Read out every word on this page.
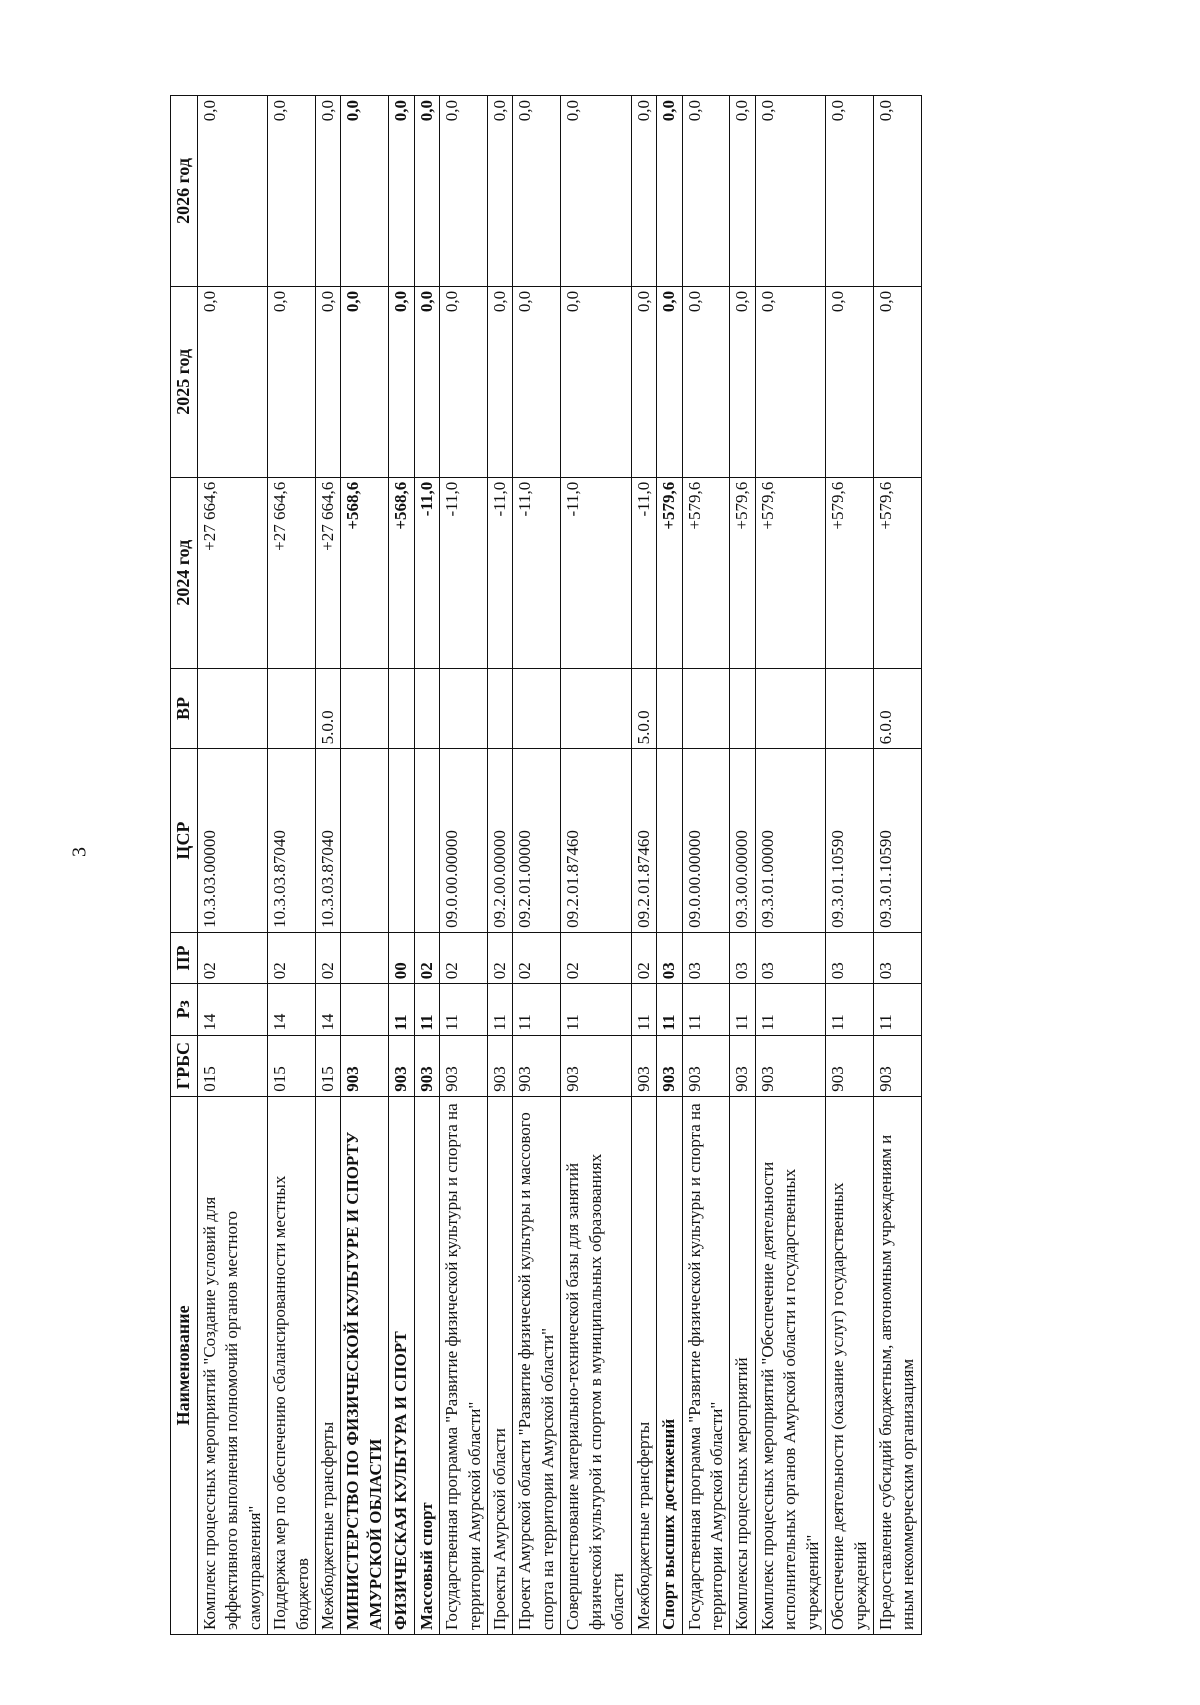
3
Наименование	ГРБС	Рз	ПР	ЦСР	ВР	2024 год	2025 год	2026 год
Комплекс процессных мероприятий "Создание условий для эффективного выполнения полномочий органов местного самоуправления"	015	14	02	10.3.03.00000		+27 664,6	0,0	0,0
Поддержка мер по обеспечению сбалансированности местных бюджетов	015	14	02	10.3.03.87040		+27 664,6	0,0	0,0
Межбюджетные трансферты	015	14	02	10.3.03.87040	5.0.0	+27 664,6	0,0	0,0
МИНИСТЕРСТВО ПО ФИЗИЧЕСКОЙ КУЛЬТУРЕ И СПОРТУ АМУРСКОЙ ОБЛАСТИ	903					+568,6	0,0	0,0
ФИЗИЧЕСКАЯ КУЛЬТУРА И СПОРТ	903	11	00			+568,6	0,0	0,0
Массовый спорт	903	11	02			-11,0	0,0	0,0
Государственная программа "Развитие физической культуры и спорта на территории Амурской области"	903	11	02	09.0.00.00000		-11,0	0,0	0,0
Проекты Амурской области	903	11	02	09.2.00.00000		-11,0	0,0	0,0
Проект Амурской области "Развитие физической культуры и массового спорта на территории Амурской области"	903	11	02	09.2.01.00000		-11,0	0,0	0,0
Совершенствование материально-технической базы для занятий физической культурой и спортом в муниципальных образованиях области	903	11	02	09.2.01.87460		-11,0	0,0	0,0
Межбюджетные трансферты	903	11	02	09.2.01.87460	5.0.0	-11,0	0,0	0,0
Спорт высших достижений	903	11	03			+579,6	0,0	0,0
Государственная программа "Развитие физической культуры и спорта на территории Амурской области"	903	11	03	09.0.00.00000		+579,6	0,0	0,0
Комплексы процессных мероприятий	903	11	03	09.3.00.00000		+579,6	0,0	0,0
Комплекс процессных мероприятий "Обеспечение деятельности исполнительных органов Амурской области и государственных учреждений"	903	11	03	09.3.01.00000		+579,6	0,0	0,0
Обеспечение деятельности (оказание услуг) государственных учреждений	903	11	03	09.3.01.10590		+579,6	0,0	0,0
Предоставление субсидий бюджетным, автономным учреждениям и иным некоммерческим организациям	903	11	03	09.3.01.10590	6.0.0	+579,6	0,0	0,0
